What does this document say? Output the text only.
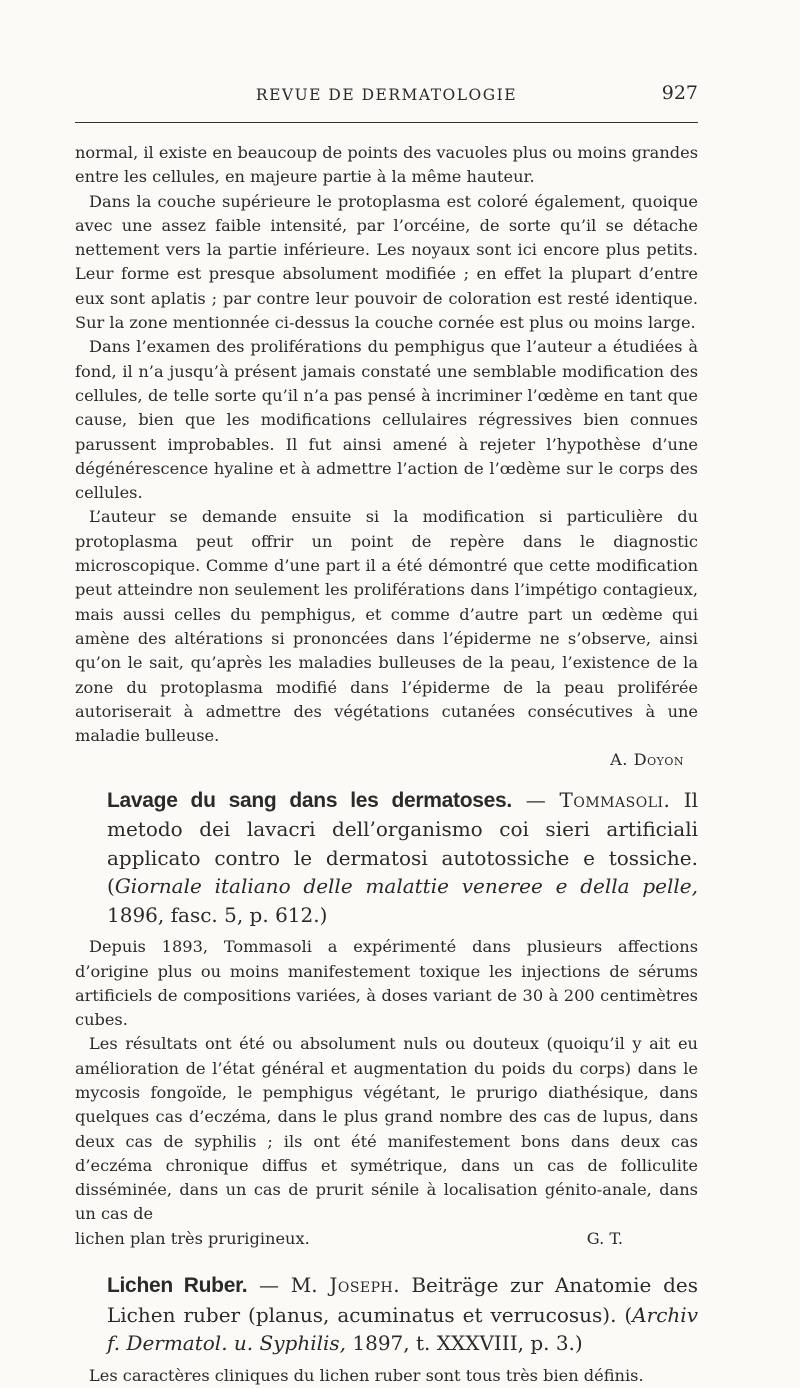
REVUE DE DERMATOLOGIE	927

normal, il existe en beaucoup de points des vacuoles plus ou moins grandes entre les cellules, en majeure partie à la même hauteur.

Dans la couche supérieure le protoplasma est coloré également, quoique avec une assez faible intensité, par l’orcéine, de sorte qu’il se détache nettement vers la partie inférieure. Les noyaux sont ici encore plus petits. Leur forme est presque absolument modifiée ; en effet la plupart d’entre eux sont aplatis ; par contre leur pouvoir de coloration est resté identique. Sur la zone mentionnée ci-dessus la couche cornée est plus ou moins large.

Dans l’examen des proliférations du pemphigus que l’auteur a étudiées à fond, il n’a jusqu’à présent jamais constaté une semblable modification des cellules, de telle sorte qu’il n’a pas pensé à incriminer l’œdème en tant que cause, bien que les modifications cellulaires régressives bien connues parussent improbables. Il fut ainsi amené à rejeter l’hypothèse d’une dégénérescence hyaline et à admettre l’action de l’œdème sur le corps des cellules.

L’auteur se demande ensuite si la modification si particulière du protoplasma peut offrir un point de repère dans le diagnostic microscopique. Comme d’une part il a été démontré que cette modification peut atteindre non seulement les proliférations dans l’impétigo contagieux, mais aussi celles du pemphigus, et comme d’autre part un œdème qui amène des altérations si prononcées dans l’épiderme ne s’observe, ainsi qu’on le sait, qu’après les maladies bulleuses de la peau, l’existence de la zone du protoplasma modifié dans l’épiderme de la peau proliférée autoriserait à admettre des végétations cutanées consécutives à une maladie bulleuse.

A. Doyon

Lavage du sang dans les dermatoses. — Tommasoli. Il metodo dei lavacri dell’organismo coi sieri artificiali applicato contro le dermatosi autotossiche e tossiche. (Giornale italiano delle malattie veneree e della pelle, 1896, fasc. 5, p. 612.)

Depuis 1893, Tommasoli a expérimenté dans plusieurs affections d’origine plus ou moins manifestement toxique les injections de sérums artificiels de compositions variées, à doses variant de 30 à 200 centimètres cubes.

Les résultats ont été ou absolument nuls ou douteux (quoiqu’il y ait eu amélioration de l’état général et augmentation du poids du corps) dans le mycosis fongoïde, le pemphigus végétant, le prurigo diathésique, dans quelques cas d’eczéma, dans le plus grand nombre des cas de lupus, dans deux cas de syphilis ; ils ont été manifestement bons dans deux cas d’eczéma chronique diffus et symétrique, dans un cas de folliculite disséminée, dans un cas de prurit sénile à localisation génito-anale, dans un cas de

lichen plan très prurigineux.	G. T.

Lichen Ruber. — M. Joseph. Beiträge zur Anatomie des Lichen ruber (planus, acuminatus et verrucosus). (Archiv f. Dermatol. u. Syphilis, 1897, t. XXXVIII, p. 3.)

Les caractères cliniques du lichen ruber sont tous très bien définis.
